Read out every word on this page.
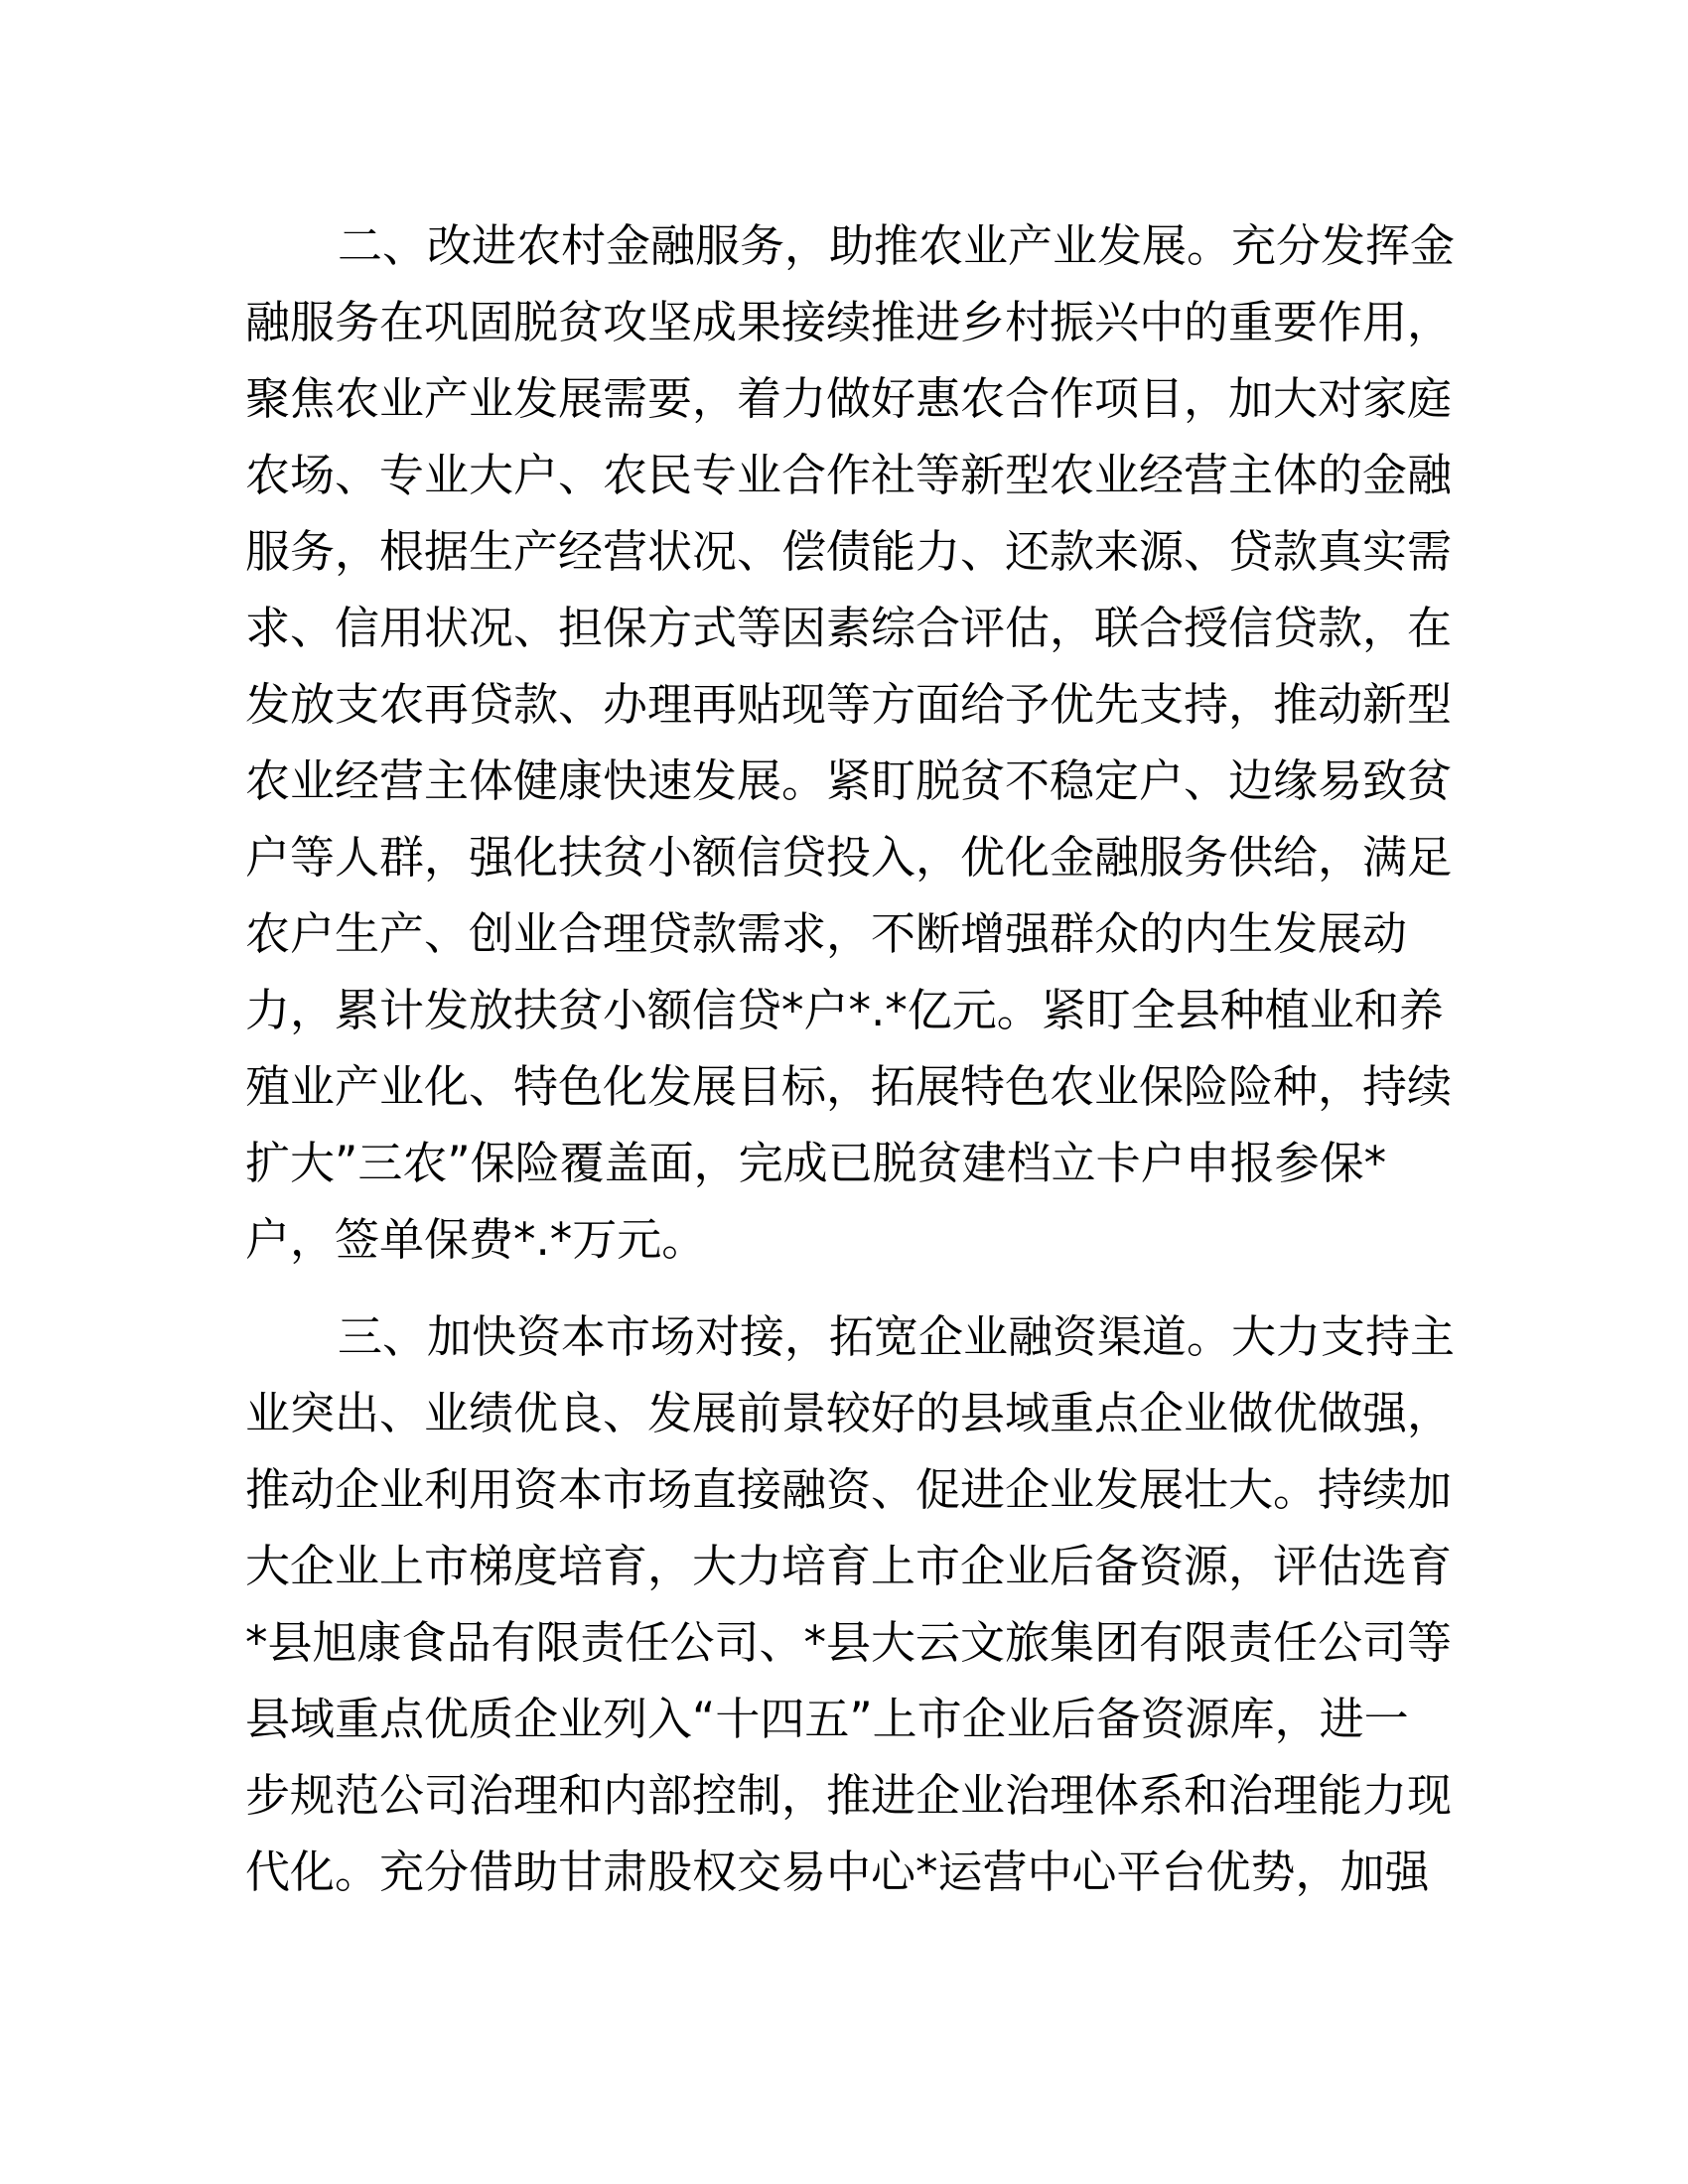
二、改进农村金融服务，助推农业产业发展。充分发挥金
融服务在巩固脱贫攻坚成果接续推进乡村振兴中的重要作用，
聚焦农业产业发展需要，着力做好惠农合作项目，加大对家庭
农场、专业大户、农民专业合作社等新型农业经营主体的金融
服务，根据生产经营状况、偿债能力、还款来源、贷款真实需
求、信用状况、担保方式等因素综合评估，联合授信贷款，在
发放支农再贷款、办理再贴现等方面给予优先支持，推动新型
农业经营主体健康快速发展。紧盯脱贫不稳定户、边缘易致贫
户等人群，强化扶贫小额信贷投入，优化金融服务供给，满足
农户生产、创业合理贷款需求，不断增强群众的内生发展动
力，累计发放扶贫小额信贷*户*.*亿元。紧盯全县种植业和养
殖业产业化、特色化发展目标，拓展特色农业保险险种，持续
扩大”三农”保险覆盖面，完成已脱贫建档立卡户申报参保*
户，签单保费*.*万元。

三、加快资本市场对接，拓宽企业融资渠道。大力支持主
业突出、业绩优良、发展前景较好的县域重点企业做优做强，
推动企业利用资本市场直接融资、促进企业发展壮大。持续加
大企业上市梯度培育，大力培育上市企业后备资源，评估选育
*县旭康食品有限责任公司、*县大云文旅集团有限责任公司等
县域重点优质企业列入“十四五”上市企业后备资源库，进一
步规范公司治理和内部控制，推进企业治理体系和治理能力现
代化。充分借助甘肃股权交易中心*运营中心平台优势，加强
